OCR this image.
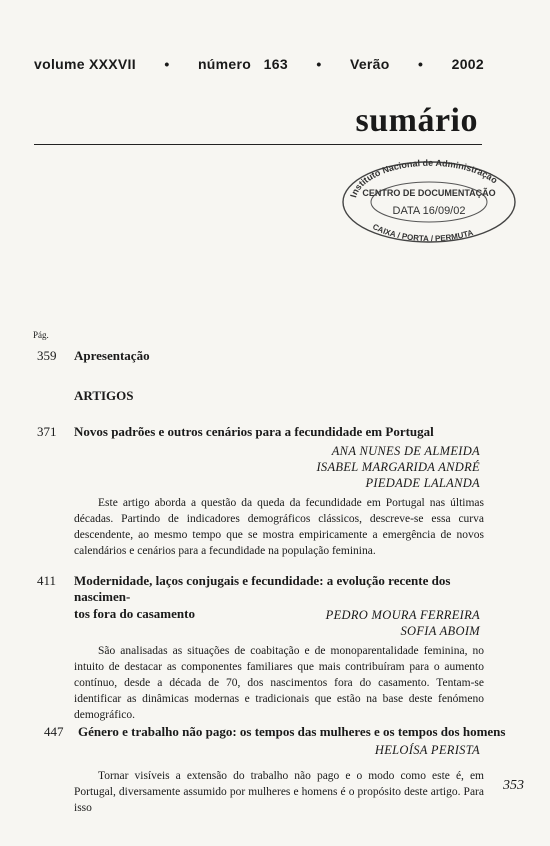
volume XXXVII • número 163 • Verão • 2002
sumário
Instituto Nacional de Administração
CENTRO DE DOCUMENTAÇÃO
DATA 16/09/02
CAIXA / PORTA / PERMUTA
Pág.
359 Apresentação
ARTIGOS
371 Novos padrões e outros cenários para a fecundidade em Portugal
ANA NUNES DE ALMEIDA
ISABEL MARGARIDA ANDRÉ
PIEDADE LALANDA
Este artigo aborda a questão da queda da fecundidade em Portugal nas últimas décadas. Partindo de indicadores demográficos clássicos, descreve-se essa curva descendente, ao mesmo tempo que se mostra empiricamente a emergência de novos calendários e cenários para a fecundidade na população feminina.
411 Modernidade, laços conjugais e fecundidade: a evolução recente dos nascimen-
tos fora do casamento	PEDRO MOURA FERREIRA
SOFIA ABOIM
São analisadas as situações de coabitação e de monoparentalidade feminina, no intuito de destacar as componentes familiares que mais contribuíram para o aumento contínuo, desde a década de 70, dos nascimentos fora do casamento. Tentam-se identificar as dinâmicas modernas e tradicionais que estão na base deste fenómeno demográfico.
447 Género e trabalho não pago: os tempos das mulheres e os tempos dos homens
HELOÍSA PERISTA
Tornar visíveis a extensão do trabalho não pago e o modo como este é, em Portugal, diversamente assumido por mulheres e homens é o propósito deste artigo. Para isso
353
